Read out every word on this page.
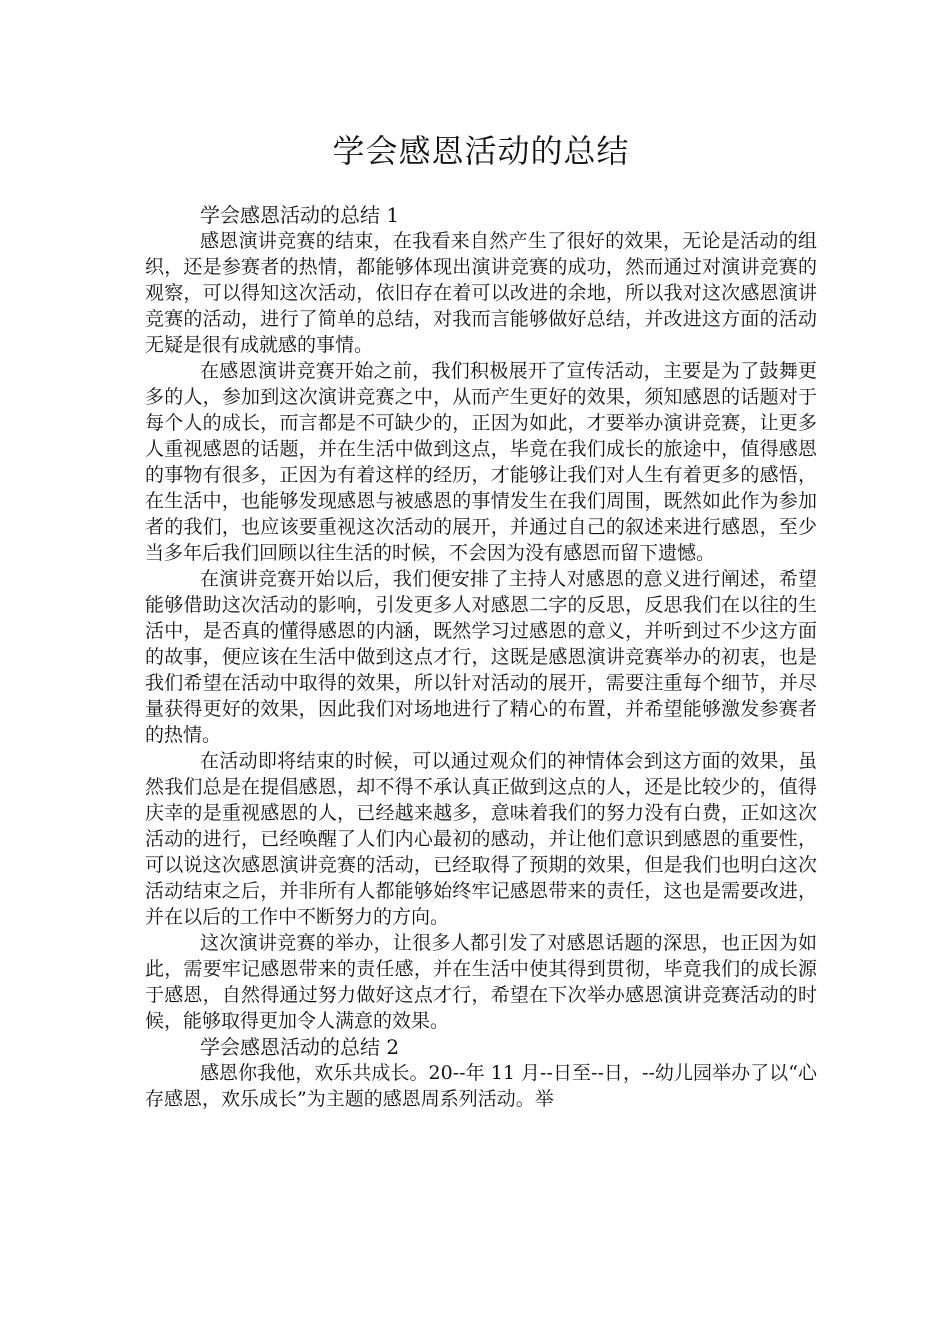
学会感恩活动的总结

学会感恩活动的总结 1

感恩演讲竞赛的结束，在我看来自然产生了很好的效果，无论是活动的组织，还是参赛者的热情，都能够体现出演讲竞赛的成功，然而通过对演讲竞赛的观察，可以得知这次活动，依旧存在着可以改进的余地，所以我对这次感恩演讲竞赛的活动，进行了简单的总结，对我而言能够做好总结，并改进这方面的活动无疑是很有成就感的事情。

在感恩演讲竞赛开始之前，我们积极展开了宣传活动，主要是为了鼓舞更多的人，参加到这次演讲竞赛之中，从而产生更好的效果，须知感恩的话题对于每个人的成长，而言都是不可缺少的，正因为如此，才要举办演讲竞赛，让更多人重视感恩的话题，并在生活中做到这点，毕竟在我们成长的旅途中，值得感恩的事物有很多，正因为有着这样的经历，才能够让我们对人生有着更多的感悟，在生活中，也能够发现感恩与被感恩的事情发生在我们周围，既然如此作为参加者的我们，也应该要重视这次活动的展开，并通过自己的叙述来进行感恩，至少当多年后我们回顾以往生活的时候，不会因为没有感恩而留下遗憾。

在演讲竞赛开始以后，我们便安排了主持人对感恩的意义进行阐述，希望能够借助这次活动的影响，引发更多人对感恩二字的反思，反思我们在以往的生活中，是否真的懂得感恩的内涵，既然学习过感恩的意义，并听到过不少这方面的故事，便应该在生活中做到这点才行，这既是感恩演讲竞赛举办的初衷，也是我们希望在活动中取得的效果，所以针对活动的展开，需要注重每个细节，并尽量获得更好的效果，因此我们对场地进行了精心的布置，并希望能够激发参赛者的热情。

在活动即将结束的时候，可以通过观众们的神情体会到这方面的效果，虽然我们总是在提倡感恩，却不得不承认真正做到这点的人，还是比较少的，值得庆幸的是重视感恩的人，已经越来越多，意味着我们的努力没有白费，正如这次活动的进行，已经唤醒了人们内心最初的感动，并让他们意识到感恩的重要性，可以说这次感恩演讲竞赛的活动，已经取得了预期的效果，但是我们也明白这次活动结束之后，并非所有人都能够始终牢记感恩带来的责任，这也是需要改进，并在以后的工作中不断努力的方向。

这次演讲竞赛的举办，让很多人都引发了对感恩话题的深思，也正因为如此，需要牢记感恩带来的责任感，并在生活中使其得到贯彻，毕竟我们的成长源于感恩，自然得通过努力做好这点才行，希望在下次举办感恩演讲竞赛活动的时候，能够取得更加令人满意的效果。

学会感恩活动的总结 2

感恩你我他，欢乐共成长。20--年 11 月--日至--日，--幼儿园举办了以“心存感恩，欢乐成长”为主题的感恩周系列活动。举
